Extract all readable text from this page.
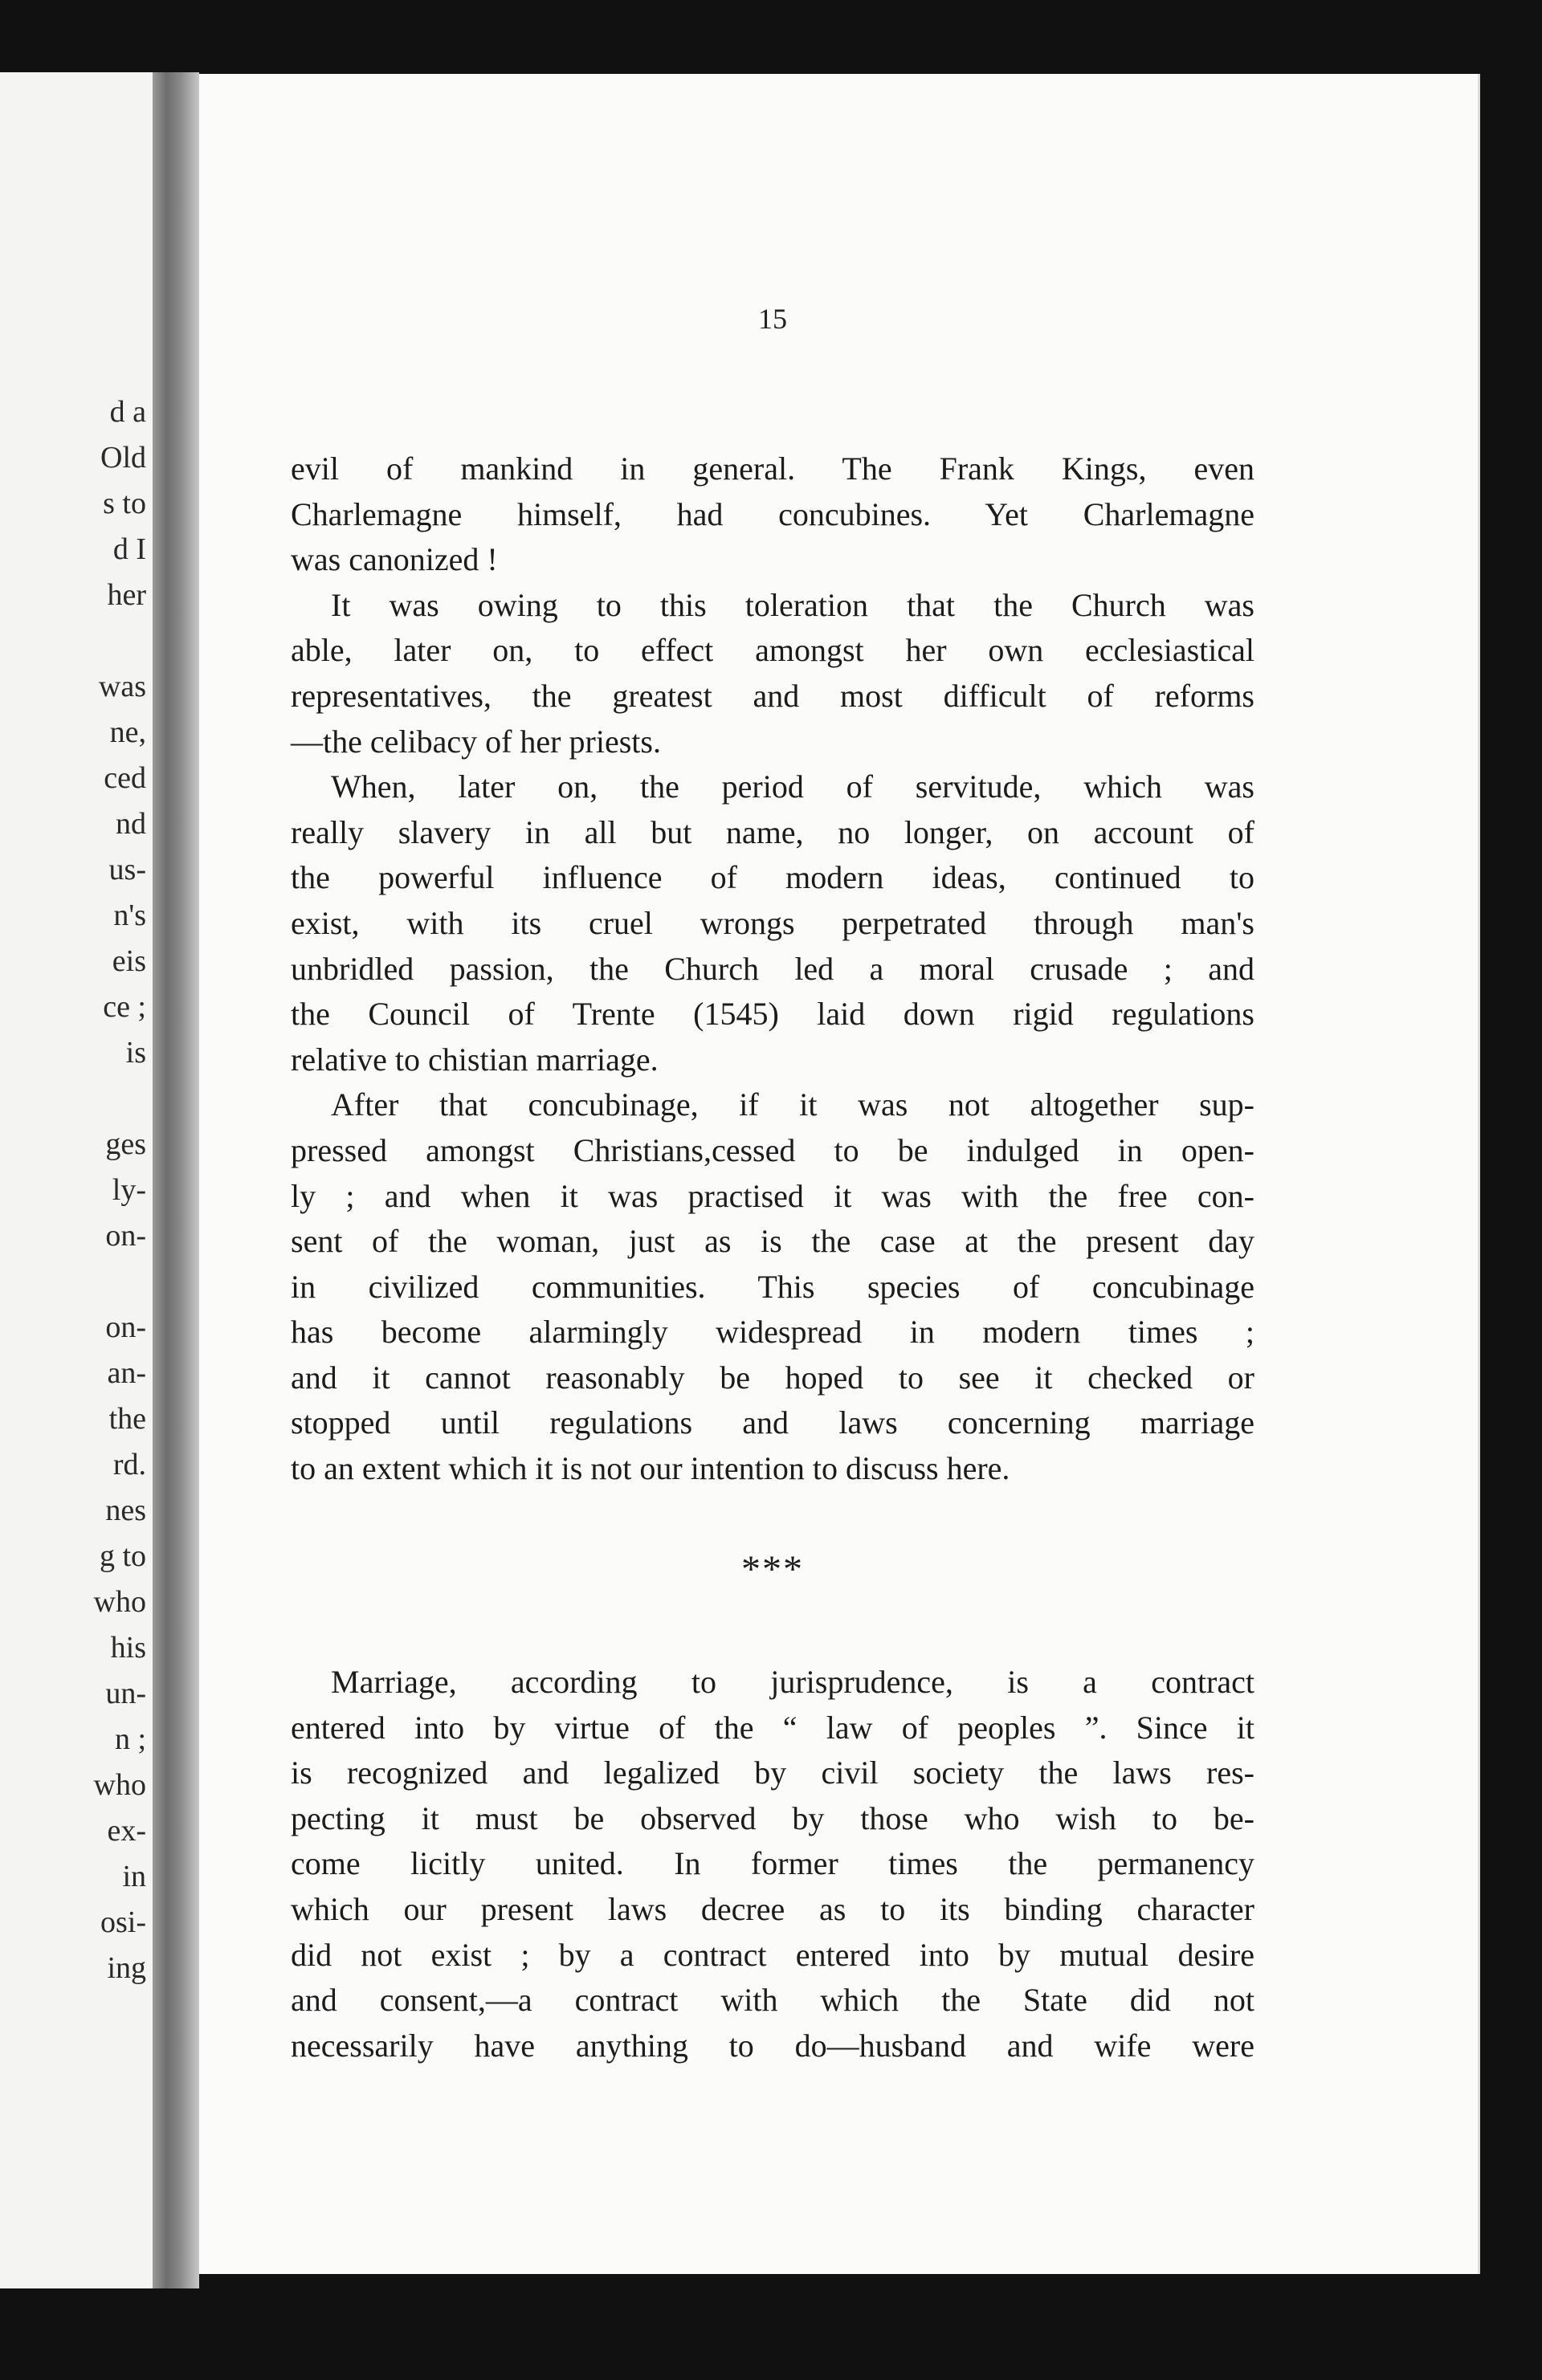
d a
Old
s to
d I
her
was
ne,
ced
nd
us-
n's
eis
ce ;
is
ges
ly-
on-
on-
an-
the
rd.
nes
g to
who
his
un-
n ;
who
ex-
in
osi-
ing
15
evil of mankind in general. The Frank Kings, even
Charlemagne himself, had concubines. Yet Charlemagne
was canonized !
It was owing to this toleration that the Church was
able, later on, to effect amongst her own ecclesiastical
representatives, the greatest and most difficult of reforms
—the celibacy of her priests.
When, later on, the period of servitude, which was
really slavery in all but name, no longer, on account of
the powerful influence of modern ideas, continued to
exist, with its cruel wrongs perpetrated through man's
unbridled passion, the Church led a moral crusade ; and
the Council of Trente (1545) laid down rigid regulations
relative to chistian marriage.
After that concubinage, if it was not altogether sup-
pressed amongst Christians,cessed to be indulged in open-
ly ; and when it was practised it was with the free con-
sent of the woman, just as is the case at the present day
in civilized communities. This species of concubinage
has become alarmingly widespread in modern times ;
and it cannot reasonably be hoped to see it checked or
stopped until regulations and laws concerning marriage
to an extent which it is not our intention to discuss here.
***
Marriage, according to jurisprudence, is a contract
entered into by virtue of the “ law of peoples ”. Since it
is recognized and legalized by civil society the laws res-
pecting it must be observed by those who wish to be-
come licitly united. In former times the permanency
which our present laws decree as to its binding character
did not exist ; by a contract entered into by mutual desire
and consent,—a contract with which the State did not
necessarily have anything to do—husband and wife were
